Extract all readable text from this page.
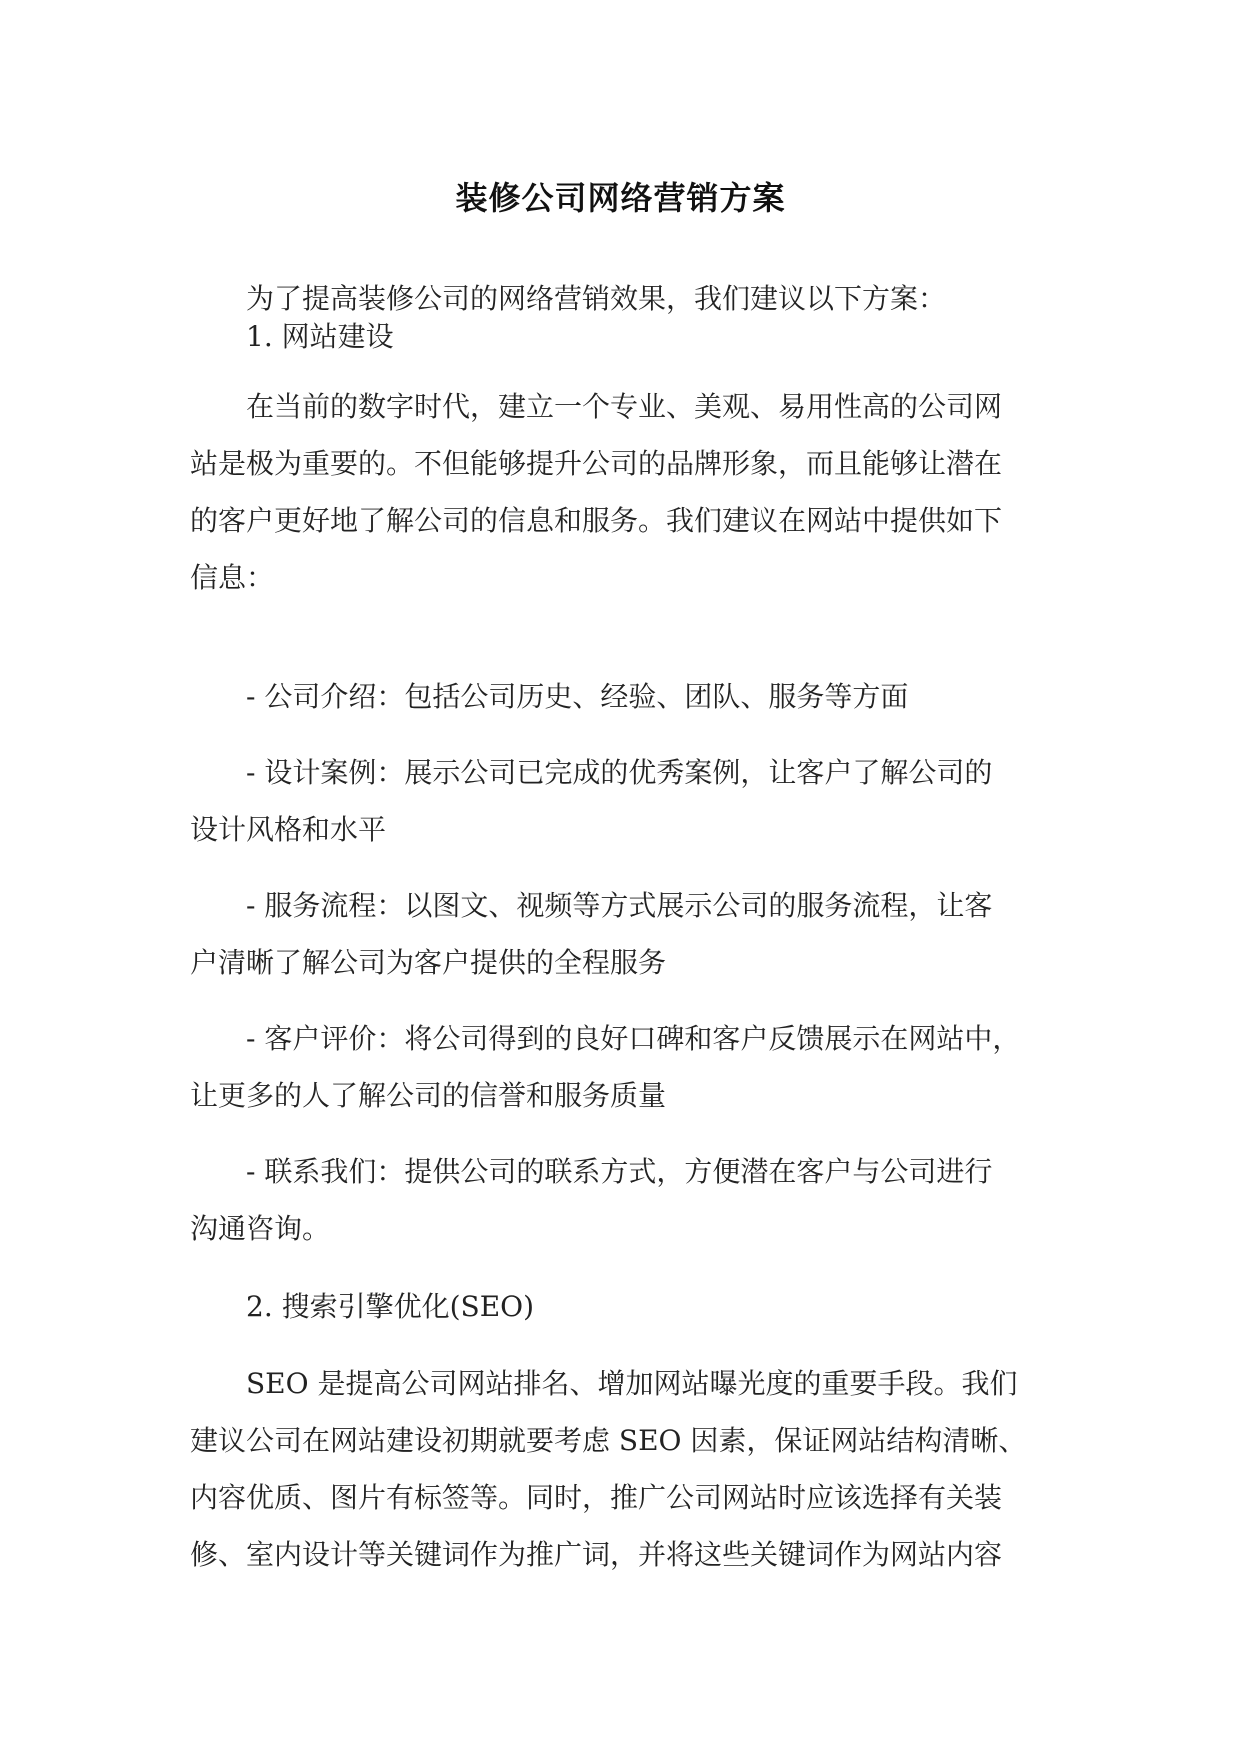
装修公司网络营销方案

为了提高装修公司的网络营销效果，我们建议以下方案：

1. 网站建设

在当前的数字时代，建立一个专业、美观、易用性高的公司网
站是极为重要的。不但能够提升公司的品牌形象，而且能够让潜在
的客户更好地了解公司的信息和服务。我们建议在网站中提供如下
信息：

- 公司介绍：包括公司历史、经验、团队、服务等方面

- 设计案例：展示公司已完成的优秀案例，让客户了解公司的
设计风格和水平

- 服务流程：以图文、视频等方式展示公司的服务流程，让客
户清晰了解公司为客户提供的全程服务

- 客户评价：将公司得到的良好口碑和客户反馈展示在网站中，
让更多的人了解公司的信誉和服务质量

- 联系我们：提供公司的联系方式，方便潜在客户与公司进行
沟通咨询。

2. 搜索引擎优化(SEO)

SEO 是提高公司网站排名、增加网站曝光度的重要手段。我们
建议公司在网站建设初期就要考虑 SEO 因素，保证网站结构清晰、
内容优质、图片有标签等。同时，推广公司网站时应该选择有关装
修、室内设计等关键词作为推广词，并将这些关键词作为网站内容
